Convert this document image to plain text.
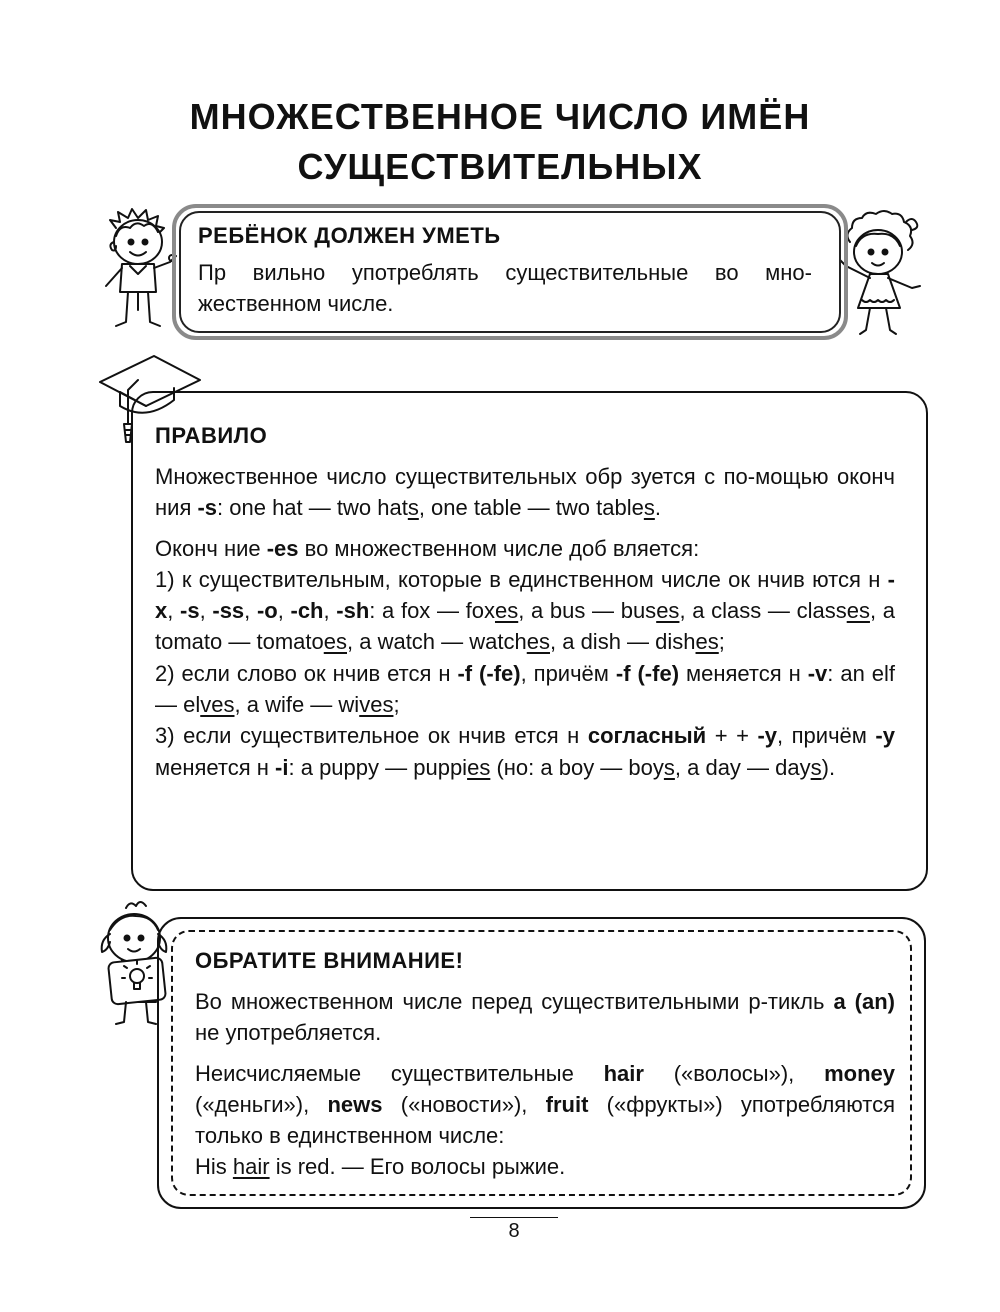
МНОЖЕСТВЕННОЕ ЧИСЛО ИМЁН
СУЩЕСТВИТЕЛЬНЫХ
РЕБЁНОК ДОЛЖЕН УМЕТЬ
Пр вильно употреблять существительные во мно-жественном числе.
ПРАВИЛО

Множественное число существительных обр зуется с по-мощью оконч ния -s: one hat — two hats, one table — two tables.

Оконч ние -es во множественном числе доб вляется:

1) к существительным, которые в единственном числе ок нчив ются н -x, -s, -ss, -o, -ch, -sh: a fox — foxes, a bus — buses, a class — classes, a tomato — tomatoes, a watch — watches, a dish — dishes;

2) если слово ок нчив ется н -f (-fe), причём -f (-fe) меняется н -v: an elf — elves, a wife — wives;

3) если существительное ок нчив ется н согласный + + -y, причём -y меняется н -i: a puppy — puppies (но: a boy — boys, a day — days).

ОБРАТИТЕ ВНИМАНИЕ!

Во множественном числе перед существительными р-тикль a (an) не употребляется.

Неисчисляемые существительные hair («волосы»), money («деньги»), news («новости»), fruit («фрукты») употребляются только в единственном числе:

His hair is red. — Его волосы рыжие.

8
